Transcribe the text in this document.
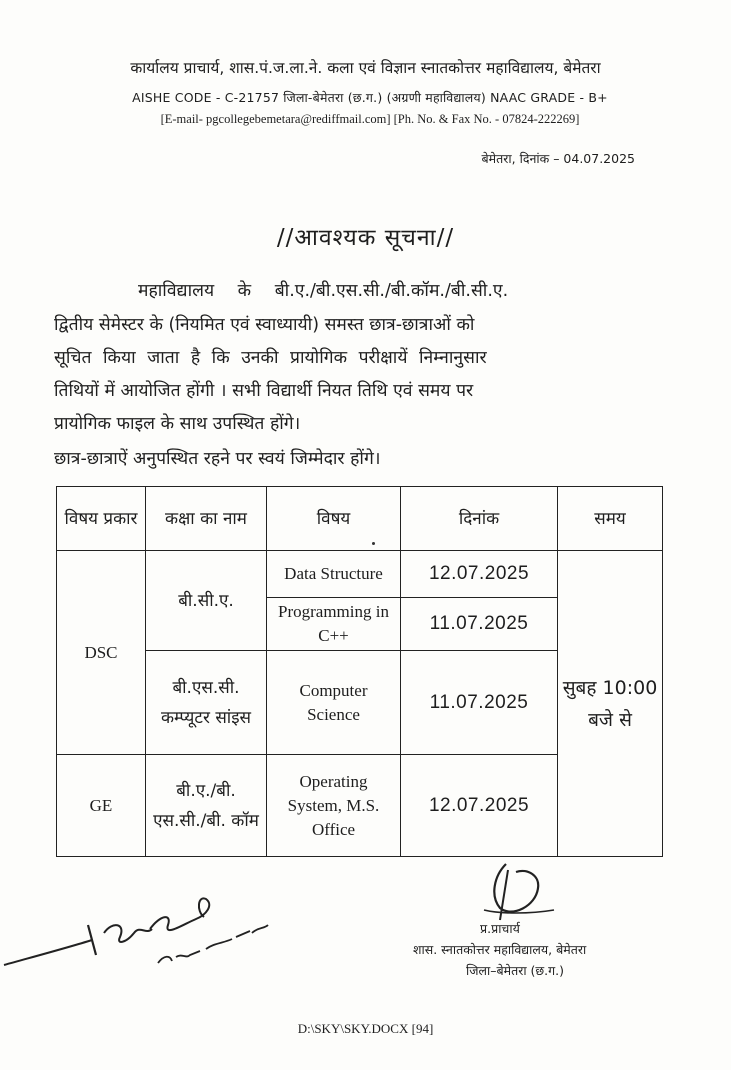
कार्यालय प्राचार्य, शास.पं.ज.ला.ने. कला एवं विज्ञान स्नातकोत्तर महाविद्यालय, बेमेतरा
AISHE CODE - C-21757 जिला-बेमेतरा (छ.ग.) (अग्रणी महाविद्यालय) NAAC GRADE - B+
[E-mail- pgcollegebemetara@rediffmail.com] [Ph. No. & Fax No. - 07824-222269]
बेमेतरा, दिनांक – 04.07.2025
//आवश्यक सूचना//
महाविद्यालय के बी.ए./बी.एस.सी./बी.कॉम./बी.सी.ए.
द्वितीय सेमेस्टर के (नियमित एवं स्वाध्यायी) समस्त छात्र-छात्राओं को
सूचित किया जाता है कि उनकी प्रायोगिक परीक्षायें निम्नानुसार
तिथियों में आयोजित होंगी । सभी विद्यार्थी नियत तिथि एवं समय पर
प्रायोगिक फाइल के साथ उपस्थित होंगे।
छात्र-छात्राऐं अनुपस्थित रहने पर स्वयं जिम्मेदार होंगे।
विषय प्रकार	कक्षा का नाम	विषय	दिनांक	समय
DSC	बी.सी.ए.	Data Structure	12.07.2025	सुबह 10:00 बजे से
		Programming in C++	11.07.2025	
	बी.एस.सी. कम्प्यूटर सांइस	Computer Science	11.07.2025	
GE	बी.ए./बी. एस.सी./बी. कॉम	Operating System, M.S. Office	12.07.2025	
प्र.प्राचार्य
शास. स्नातकोत्तर महाविद्यालय, बेमेतरा
जिला–बेमेतरा (छ.ग.)
D:\SKY\SKY.DOCX [94]
